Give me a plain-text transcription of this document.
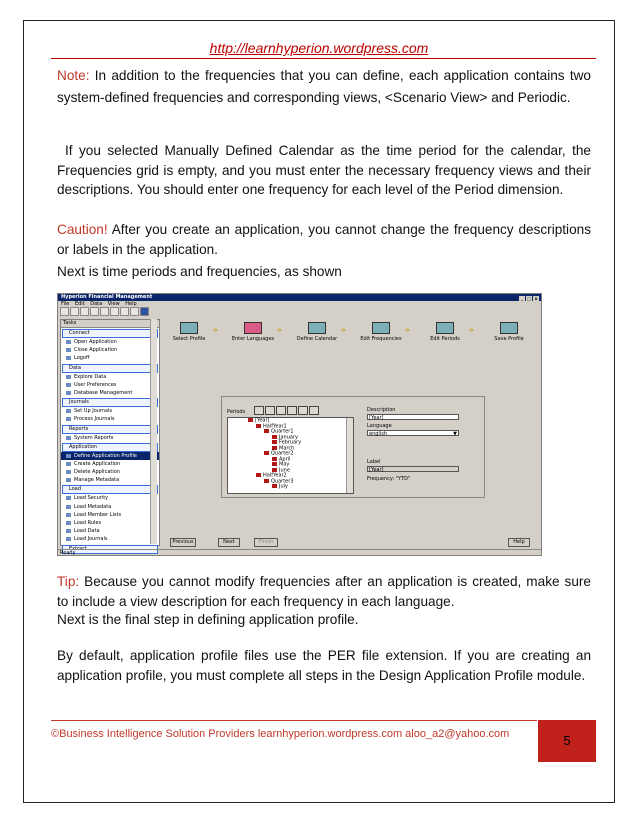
http://learnhyperion.wordpress.com
Note: In addition to the frequencies that you can define, each application contains two system-defined frequencies and corresponding views, <Scenario View> and Periodic.
If you selected Manually Defined Calendar as the time period for the calendar, the Frequencies grid is empty, and you must enter the necessary frequency views and their descriptions. You should enter one frequency for each level of the Period dimension.
Caution! After you create an application, you cannot change the frequency descriptions or labels in the application.
Next is time periods and frequencies, as shown
Hyperion Financial Management	_ □ x
File Edit Data View Help
Tasks
Connect
Open Application
Close Application
Logoff
Data
Explore Data
User Preferences
Database Management
Journals
Set Up Journals
Process Journals
Reports
System Reports
Application
Define Application Profile
Create Application
Delete Application
Manage Metadata
Load
Load Security
Load Metadata
Load Member Lists
Load Rules
Load Data
Load Journals
Extract
Select Profile
➜
Enter Languages
➜
Define Calendar
➜
Edit Frequencies
➜
Edit Periods
➜
Save Profile
Periods
[Year]
HalfYear1
Quarter1
January
February
March
Quarter2
April
May
June
HalfYear2
Quarter3
July
Description
[Year]
Language
english	▼
Label
[Year]
Frequency: "YTD"
Previous	Next	Finish	Help
Ready
Tip: Because you cannot modify frequencies after an application is created, make sure to include a view description for each frequency in each language.
Next is the final step in defining application profile.
By default, application profile files use the PER file extension. If you are creating an application profile, you must complete all steps in the Design Application Profile module.
©Business Intelligence Solution Providers learnhyperion.wordpress.com aloo_a2@yahoo.com	5
